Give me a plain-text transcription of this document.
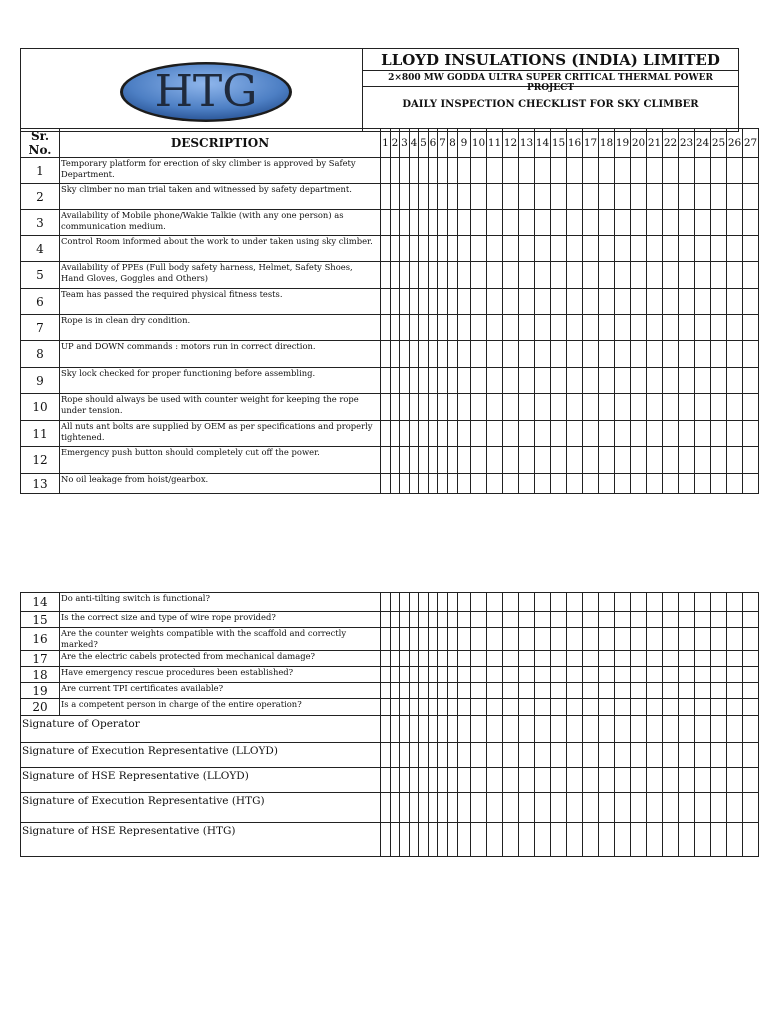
HTG
LLOYD INSULATIONS (INDIA) LIMITED
2×800 MW GODDA ULTRA SUPER CRITICAL THERMAL POWER PROJECT
DAILY INSPECTION CHECKLIST FOR SKY CLIMBER
Sr. No.	DESCRIPTION	1	2	3	4	5	6	7	8	9	10	11	12	13	14	15	16	17	18	19	20	21	22	23	24	25	26	27
1	Temporary platform for erection of sky climber is approved by Safety Department.																											
2	Sky climber no man trial taken and witnessed by safety department.																											
3	Availability of Mobile phone/Wakie Talkie (with any one person) as communication medium.																											
4	Control Room informed about the work to under taken using sky climber.																											
5	Availability of PPEs (Full body safety harness, Helmet, Safety Shoes, Hand Gloves, Goggles and Others)																											
6	Team has passed the required physical fitness tests.																											
7	Rope is in clean dry condition.																											
8	UP and DOWN commands : motors run in correct direction.																											
9	Sky lock checked for proper functioning before assembling.																											
10	Rope should always be used with counter weight for keeping the rope under tension.																											
11	All nuts ant bolts are supplied by OEM as per specifications and properly tightened.																											
12	Emergency push button should completely cut off the power.																											
13	No oil leakage from hoist/gearbox.																											
14	Do anti-tilting switch is functional?																											
15	Is the correct size and type of wire rope provided?																											
16	Are the counter weights compatible with the scaffold and correctly marked?																											
17	Are the electric cabels protected from mechanical damage?																											
18	Have emergency rescue procedures been established?																											
19	Are current TPI certificates available?																											
20	Is a competent person in charge of the entire operation?																											
Signature of Operator																												
Signature of Execution Representative (LLOYD)																												
Signature of HSE Representative (LLOYD)																												
Signature of Execution Representative (HTG)																												
Signature of HSE Representative (HTG)																												
